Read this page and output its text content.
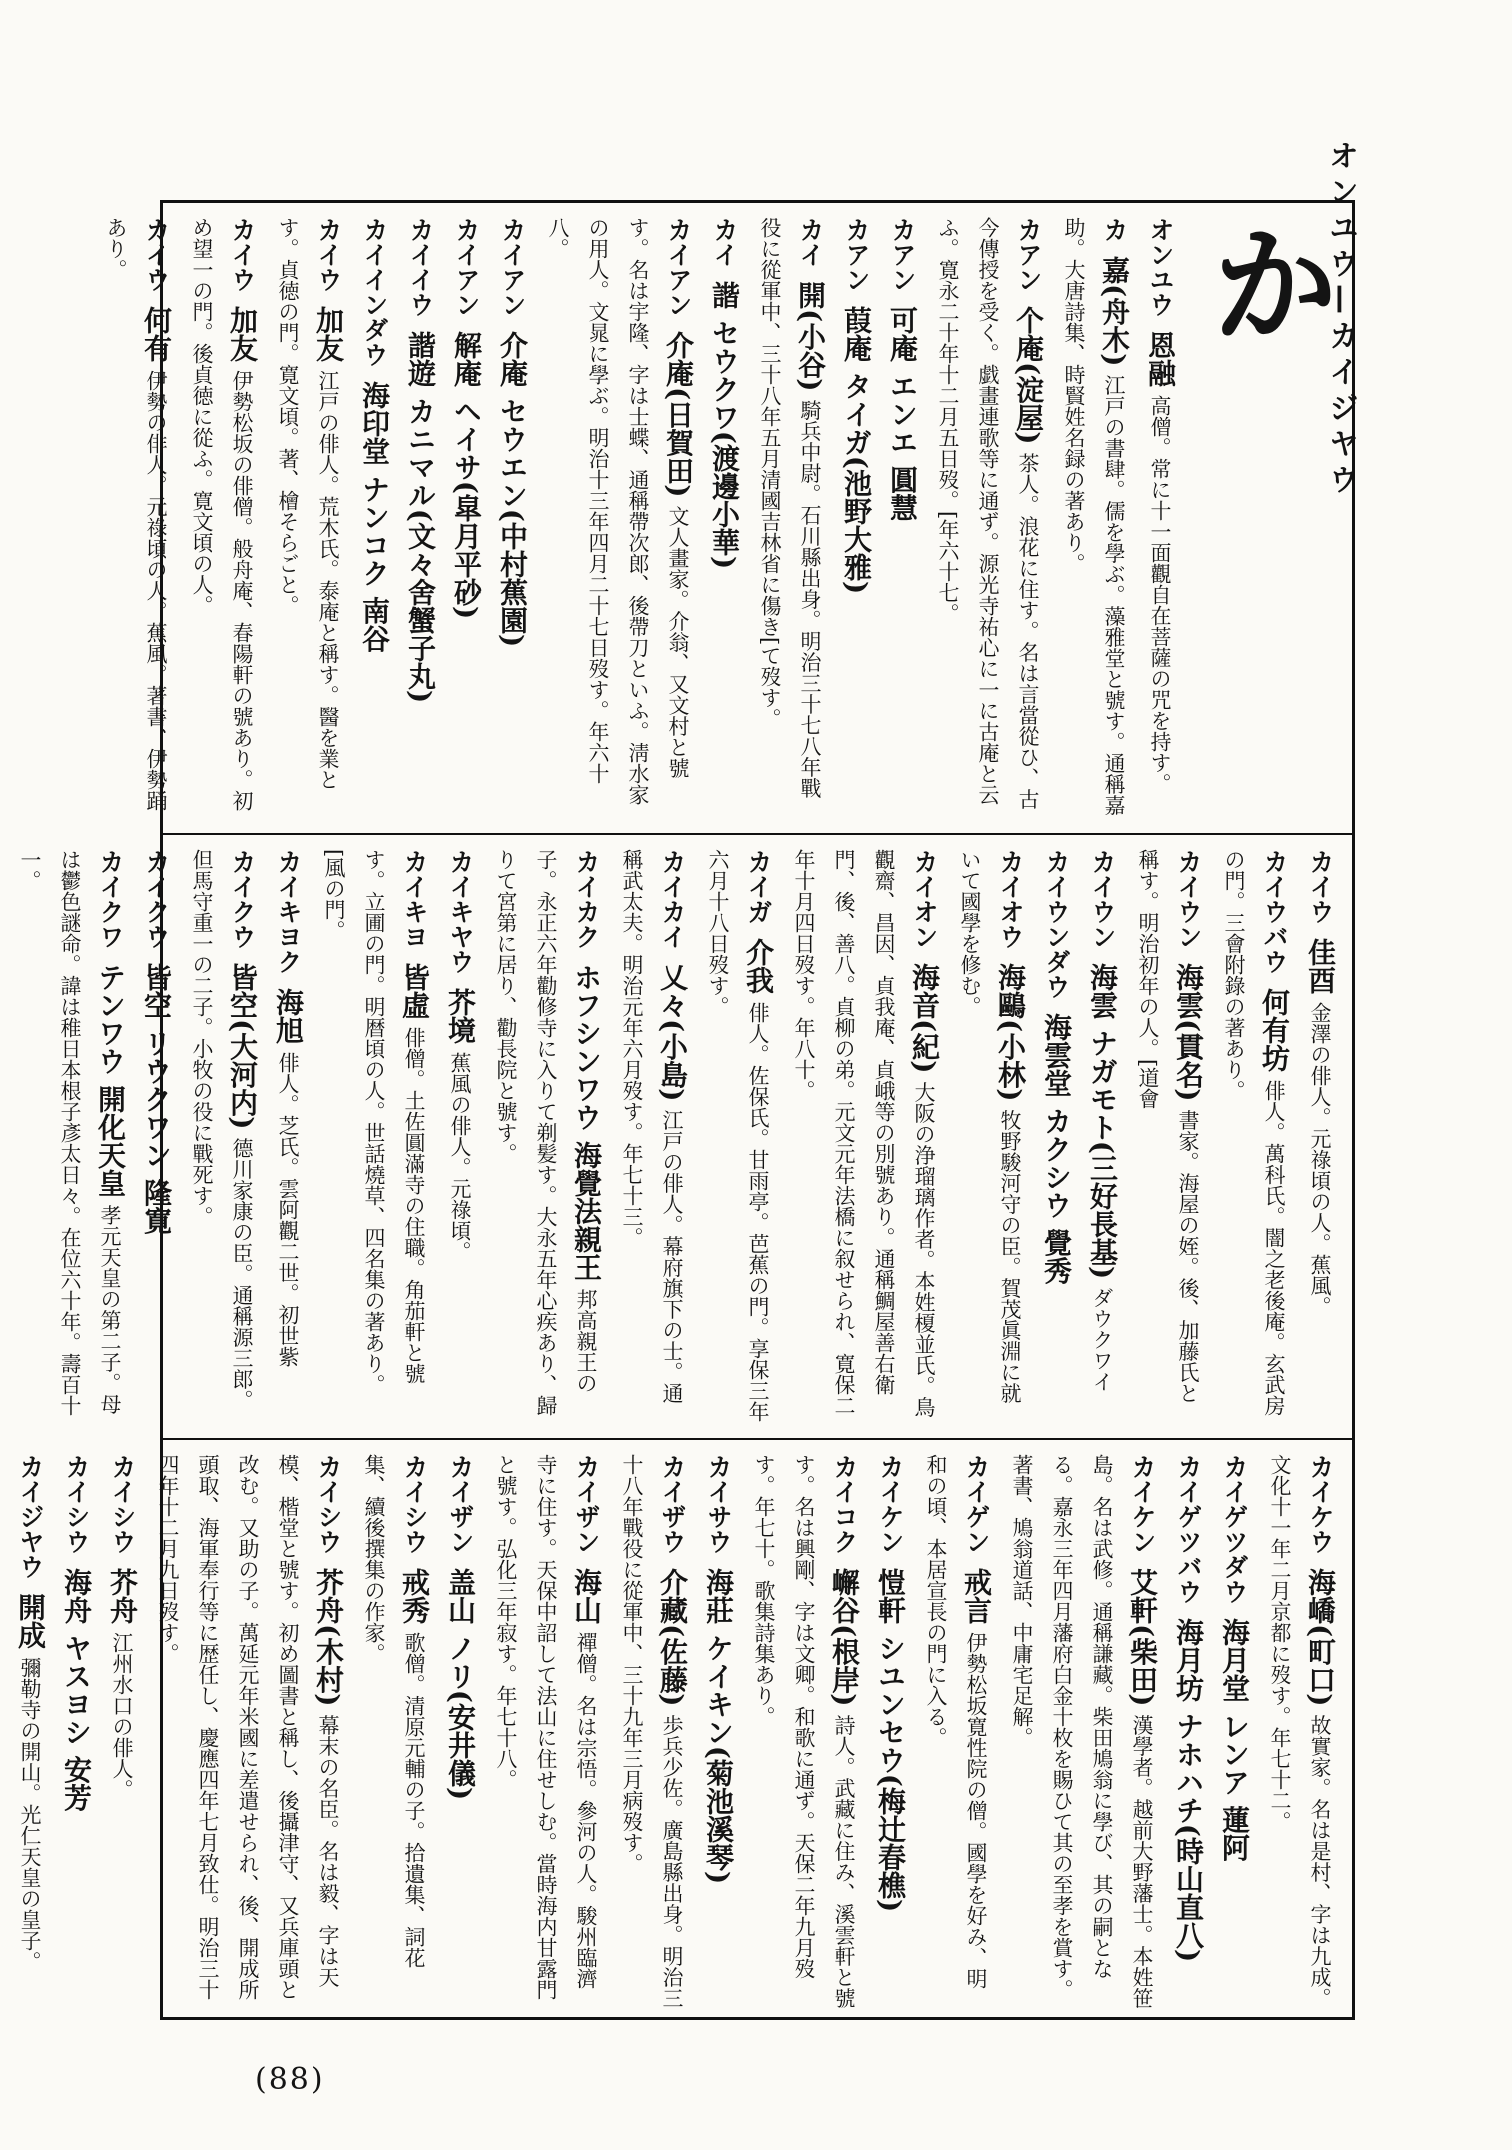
オンユウ—カイジヤウ
か
オンユウ 恩融 高僧。常に十一面觀自在菩薩の咒を持す。
カ 嘉(舟木) 江戸の書肆。儒を學ぶ。藻雅堂と號す。通稱嘉助。大唐詩集、時賢姓名録の著あり。
カアン 个庵(淀屋) 茶人。浪花に住す。名は言當從ひ、古今傳授を受く。戯畫連歌等に通ず。源光寺祐心に一に古庵と云ふ。寛永二十年十二月五日歿。[年六十七。
カアン 可庵 エンエ 圓慧
カアン 葭庵 タイガ(池野大雅)
カイ 開(小谷) 騎兵中尉。石川縣出身。明治三十七八年戰役に從軍中、三十八年五月清國吉林省に傷き[て歿す。
カイ 諧 セウクワ(渡邊小華)
カイアン 介庵(日賀田) 文人畫家。介翁、又文村と號す。名は宇隆、字は士蝶、通稱帶次郎、後帶刀といふ。淸水家の用人。文晁に學ぶ。明治十三年四月二十七日歿す。年六十八。
カイアン 介庵 セウエン(中村蕉園)
カイアン 解庵 ヘイサ(皐月平砂)
カイイウ 諧遊 カニマル(文々舍蟹子丸)
カイインダウ 海印堂 ナンコク 南谷
カイウ 加友 江戸の俳人。荒木氏。泰庵と稱す。醫を業とす。貞徳の門。寛文頃。著、檜そらごと。
カイウ 加友 伊勢松坂の俳僧。般舟庵、春陽軒の號あり。初め望一の門。後貞徳に從ふ。寛文頃の人。
カイウ 何有 伊勢の俳人。元祿頃の人。蕉風。著書、伊勢踊あり。
カイウ 佳酉 金澤の俳人。元祿頃の人。蕉風。
カイウバウ 何有坊 俳人。萬科氏。闇之老後庵。玄武房の門。三會附錄の著あり。
カイウン 海雲(貫名) 書家。海屋の姪。後、加藤氏と稱す。明治初年の人。[道會
カイウン 海雲 ナガモト(三好長基) ダウクワイ
カイウンダウ 海雲堂 カクシウ 覺秀
カイオウ 海鷗(小林) 牧野駿河守の臣。賀茂眞淵に就いて國學を修む。
カイオン 海音(紀) 大阪の浄瑠璃作者。本姓榎並氏。鳥觀齋、昌因、貞我庵、貞峨等の別號あり。通稱鯛屋善右衛門、後、善八。貞柳の弟。元文元年法橋に叙せられ、寛保二年十月四日歿す。年八十。
カイガ 介我 俳人。佐保氏。甘雨亭。芭蕉の門。享保三年六月十八日歿す。
カイカイ 乂々(小島) 江戸の俳人。幕府旗下の士。通稱武太夫。明治元年六月歿す。年七十三。
カイカク ホフシンワウ 海覺法親王 邦高親王の子。永正六年勸修寺に入りて剃髪す。大永五年心疾あり、歸りて宮第に居り、勸長院と號す。
カイキヤウ 芥境 蕉風の俳人。元祿頃。
カイキヨ 皆虛 俳僧。土佐圓滿寺の住職。角茄軒と號す。立圃の門。明暦頃の人。世話燒草、四名集の著あり。[風の門。
カイキヨク 海旭 俳人。芝氏。雲阿觀二世。初世紫
カイクウ 皆空(大河内) 德川家康の臣。通稱源三郎。但馬守重一の二子。小牧の役に戰死す。
カイクウ 皆空 リウクワン 隆寛
カイクワ テンワウ 開化天皇 孝元天皇の第二子。母は鬱色謎命。諱は稚日本根子彥太日々。在位六十年。壽百十一。
カイケウ 海嶠(町口) 故實家。名は是村、字は九成。文化十一年二月京都に歿す。年七十二。
カイゲツダウ 海月堂 レンア 蓮阿
カイゲツバウ 海月坊 ナホハチ(時山直八)
カイケン 艾軒(柴田) 漢學者。越前大野藩士。本姓笹島。名は武修。通稱謙藏。柴田鳩翁に學び、其の嗣となる。嘉永三年四月藩府白金十枚を賜ひて其の至孝を賞す。著書、鳩翁道話、中庸宅足解。
カイゲン 戒言 伊勢松坂寛性院の僧。國學を好み、明和の頃、本居宣長の門に入る。
カイケン 愷軒 シユンセウ(梅辻春樵)
カイコク 嶰谷(根岸) 詩人。武藏に住み、溪雲軒と號す。名は興剛、字は文卿。和歌に通ず。天保二年九月歿す。年七十。歌集詩集あり。
カイサウ 海莊 ケイキン(菊池溪琴)
カイザウ 介藏(佐藤) 歩兵少佐。廣島縣出身。明治三十八年戰役に從軍中、三十九年三月病歿す。
カイザン 海山 禪僧。名は宗悟。參河の人。駿州臨濟寺に住す。天保中詔して法山に住せしむ。當時海内甘露門と號す。弘化三年寂す。年七十八。
カイザン 盖山 ノリ(安井儀)
カイシウ 戒秀 歌僧。清原元輔の子。拾遺集、詞花集、續後撰集の作家。
カイシウ 芥舟(木村) 幕末の名臣。名は毅、字は天模、楷堂と號す。初め圖書と稱し、後攝津守、又兵庫頭と改む。又助の子。萬延元年米國に差遣せられ、後、開成所頭取、海軍奉行等に歴任し、慶應四年七月致仕。明治三十四年十二月九日歿す。
カイシウ 芥舟 江州水口の俳人。
カイシウ 海舟 ヤスヨシ 安芳
カイジヤウ 開成 彌勒寺の開山。光仁天皇の皇子。
(88)
